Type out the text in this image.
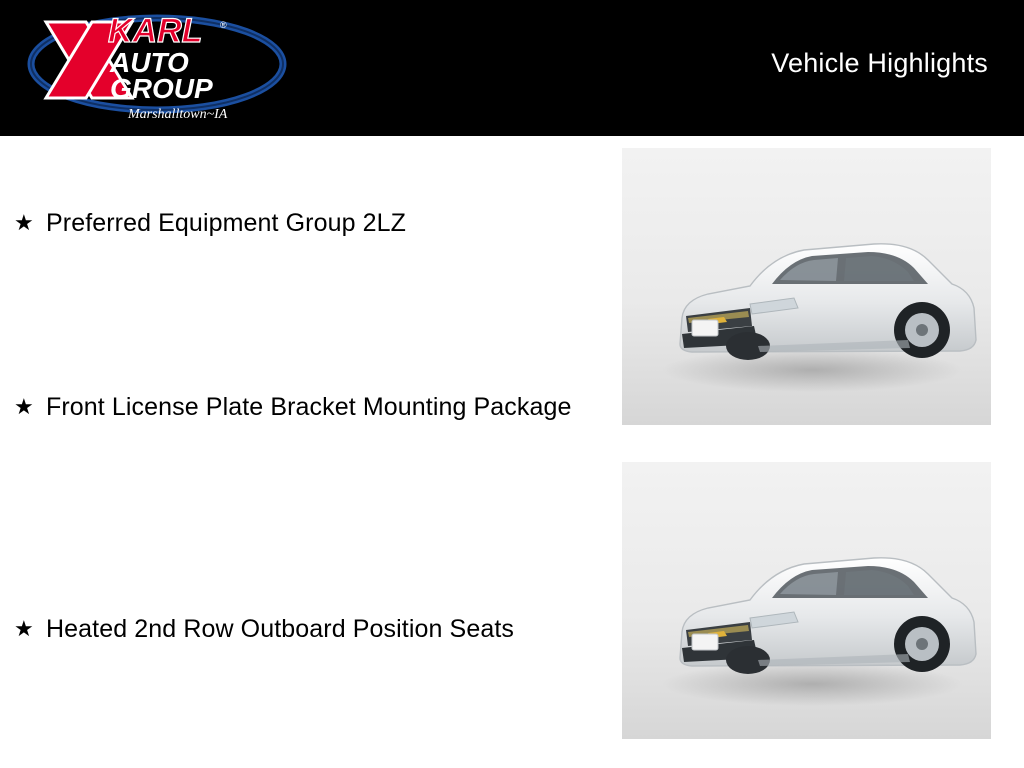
Vehicle Highlights
KARL ®
AUTO
GROUP
Marshalltown~IA
★ Preferred Equipment Group 2LZ
★ Front License Plate Bracket Mounting Package
★ Heated 2nd Row Outboard Position Seats
